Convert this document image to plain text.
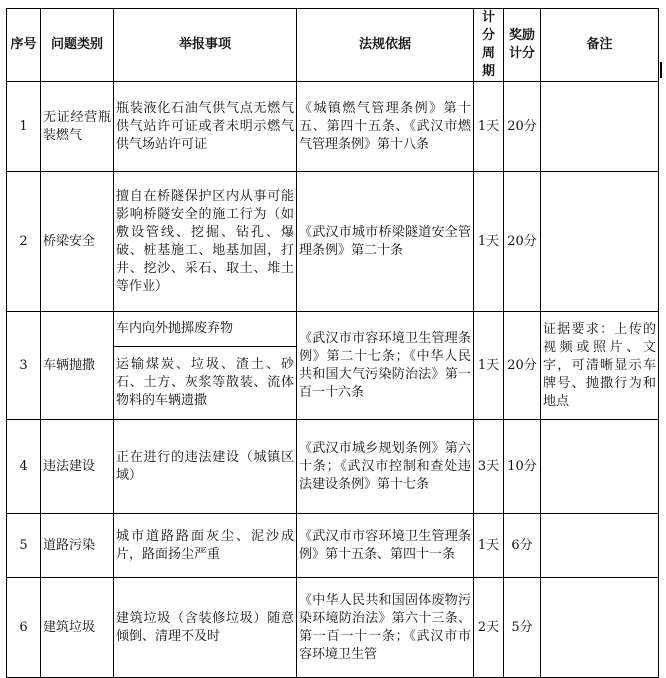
序号	问题类别	举报事项	法规依据	计分周期	奖励计分	备注
1	无证经营瓶装燃气	瓶装液化石油气供气点无燃气供气站许可证或者未明示燃气供气场站许可证	《城镇燃气管理条例》第十五、第四十五条、《武汉市燃气管理条例》第十八条	1天	20分	
2	桥梁安全	擅自在桥隧保护区内从事可能影响桥隧安全的施工行为（如敷设管线、挖掘、钻孔、爆破、桩基施工、地基加固，打井、挖沙、采石、取土、堆土等作业）	《武汉市城市桥梁隧道安全管理条例》第二十条	1天	20分	
3	车辆抛撒	车内向外抛掷废弃物	《武汉市市容环境卫生管理条例》第二十七条；《中华人民共和国大气污染防治法》第一百一十六条	1天	20分	证据要求：上传的视频或照片、文字，可清晰显示车牌号、抛撒行为和地点
		运输煤炭、垃圾、渣土、砂石、土方、灰浆等散装、流体物料的车辆遗撒				
4	违法建设	正在进行的违法建设（城镇区域）	《武汉市城乡规划条例》第六十条；《武汉市控制和查处违法建设条例》第十七条	3天	10分	
5	道路污染	城市道路路面灰尘、泥沙成片，路面扬尘严重	《武汉市市容环境卫生管理条例》第十五条、第四十一条	1天	6分	
6	建筑垃圾	建筑垃圾（含装修垃圾）随意倾倒、清理不及时	《中华人民共和国固体废物污染环境防治法》第六十三条、第一百一十一条；《武汉市市容环境卫生管	2天	5分	
